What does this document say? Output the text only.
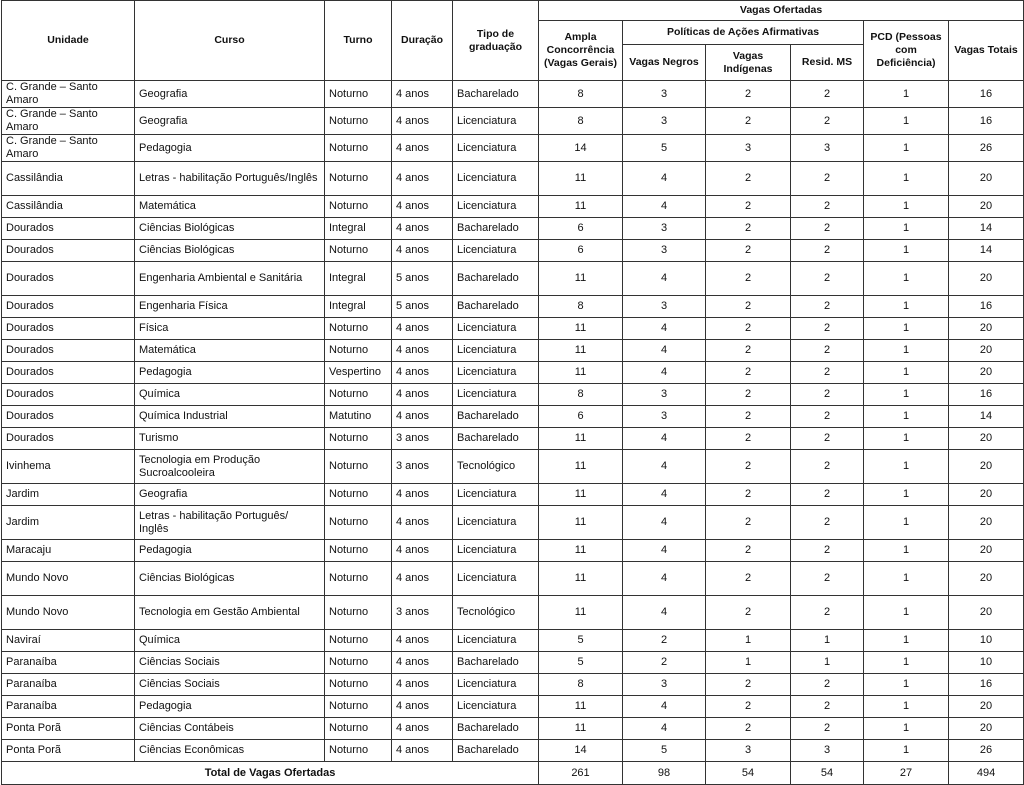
Unidade	Curso	Turno	Duração	Tipo de graduação	Vagas Ofertadas					
					Ampla Concorrência (Vagas Gerais)	Políticas de Ações Afirmativas			PCD (Pessoas com Deficiência)	Vagas Totais
						Vagas Negros	Vagas Indígenas	Resid. MS		
C. Grande – Santo Amaro	Geografia	Noturno	4 anos	Bacharelado	8	3	2	2	1	16
C. Grande – Santo Amaro	Geografia	Noturno	4 anos	Licenciatura	8	3	2	2	1	16
C. Grande – Santo Amaro	Pedagogia	Noturno	4 anos	Licenciatura	14	5	3	3	1	26
Cassilândia	Letras - habilitação Português/Inglês	Noturno	4 anos	Licenciatura	11	4	2	2	1	20
Cassilândia	Matemática	Noturno	4 anos	Licenciatura	11	4	2	2	1	20
Dourados	Ciências Biológicas	Integral	4 anos	Bacharelado	6	3	2	2	1	14
Dourados	Ciências Biológicas	Noturno	4 anos	Licenciatura	6	3	2	2	1	14
Dourados	Engenharia Ambiental e Sanitária	Integral	5 anos	Bacharelado	11	4	2	2	1	20
Dourados	Engenharia Física	Integral	5 anos	Bacharelado	8	3	2	2	1	16
Dourados	Física	Noturno	4 anos	Licenciatura	11	4	2	2	1	20
Dourados	Matemática	Noturno	4 anos	Licenciatura	11	4	2	2	1	20
Dourados	Pedagogia	Vespertino	4 anos	Licenciatura	11	4	2	2	1	20
Dourados	Química	Noturno	4 anos	Licenciatura	8	3	2	2	1	16
Dourados	Química Industrial	Matutino	4 anos	Bacharelado	6	3	2	2	1	14
Dourados	Turismo	Noturno	3 anos	Bacharelado	11	4	2	2	1	20
Ivinhema	Tecnologia em Produção Sucroalcooleira	Noturno	3 anos	Tecnológico	11	4	2	2	1	20
Jardim	Geografia	Noturno	4 anos	Licenciatura	11	4	2	2	1	20
Jardim	Letras - habilitação Português/ Inglês	Noturno	4 anos	Licenciatura	11	4	2	2	1	20
Maracaju	Pedagogia	Noturno	4 anos	Licenciatura	11	4	2	2	1	20
Mundo Novo	Ciências Biológicas	Noturno	4 anos	Licenciatura	11	4	2	2	1	20
Mundo Novo	Tecnologia em Gestão Ambiental	Noturno	3 anos	Tecnológico	11	4	2	2	1	20
Naviraí	Química	Noturno	4 anos	Licenciatura	5	2	1	1	1	10
Paranaíba	Ciências Sociais	Noturno	4 anos	Bacharelado	5	2	1	1	1	10
Paranaíba	Ciências Sociais	Noturno	4 anos	Licenciatura	8	3	2	2	1	16
Paranaíba	Pedagogia	Noturno	4 anos	Licenciatura	11	4	2	2	1	20
Ponta Porã	Ciências Contábeis	Noturno	4 anos	Bacharelado	11	4	2	2	1	20
Ponta Porã	Ciências Econômicas	Noturno	4 anos	Bacharelado	14	5	3	3	1	26
Total de Vagas Ofertadas					261	98	54	54	27	494
